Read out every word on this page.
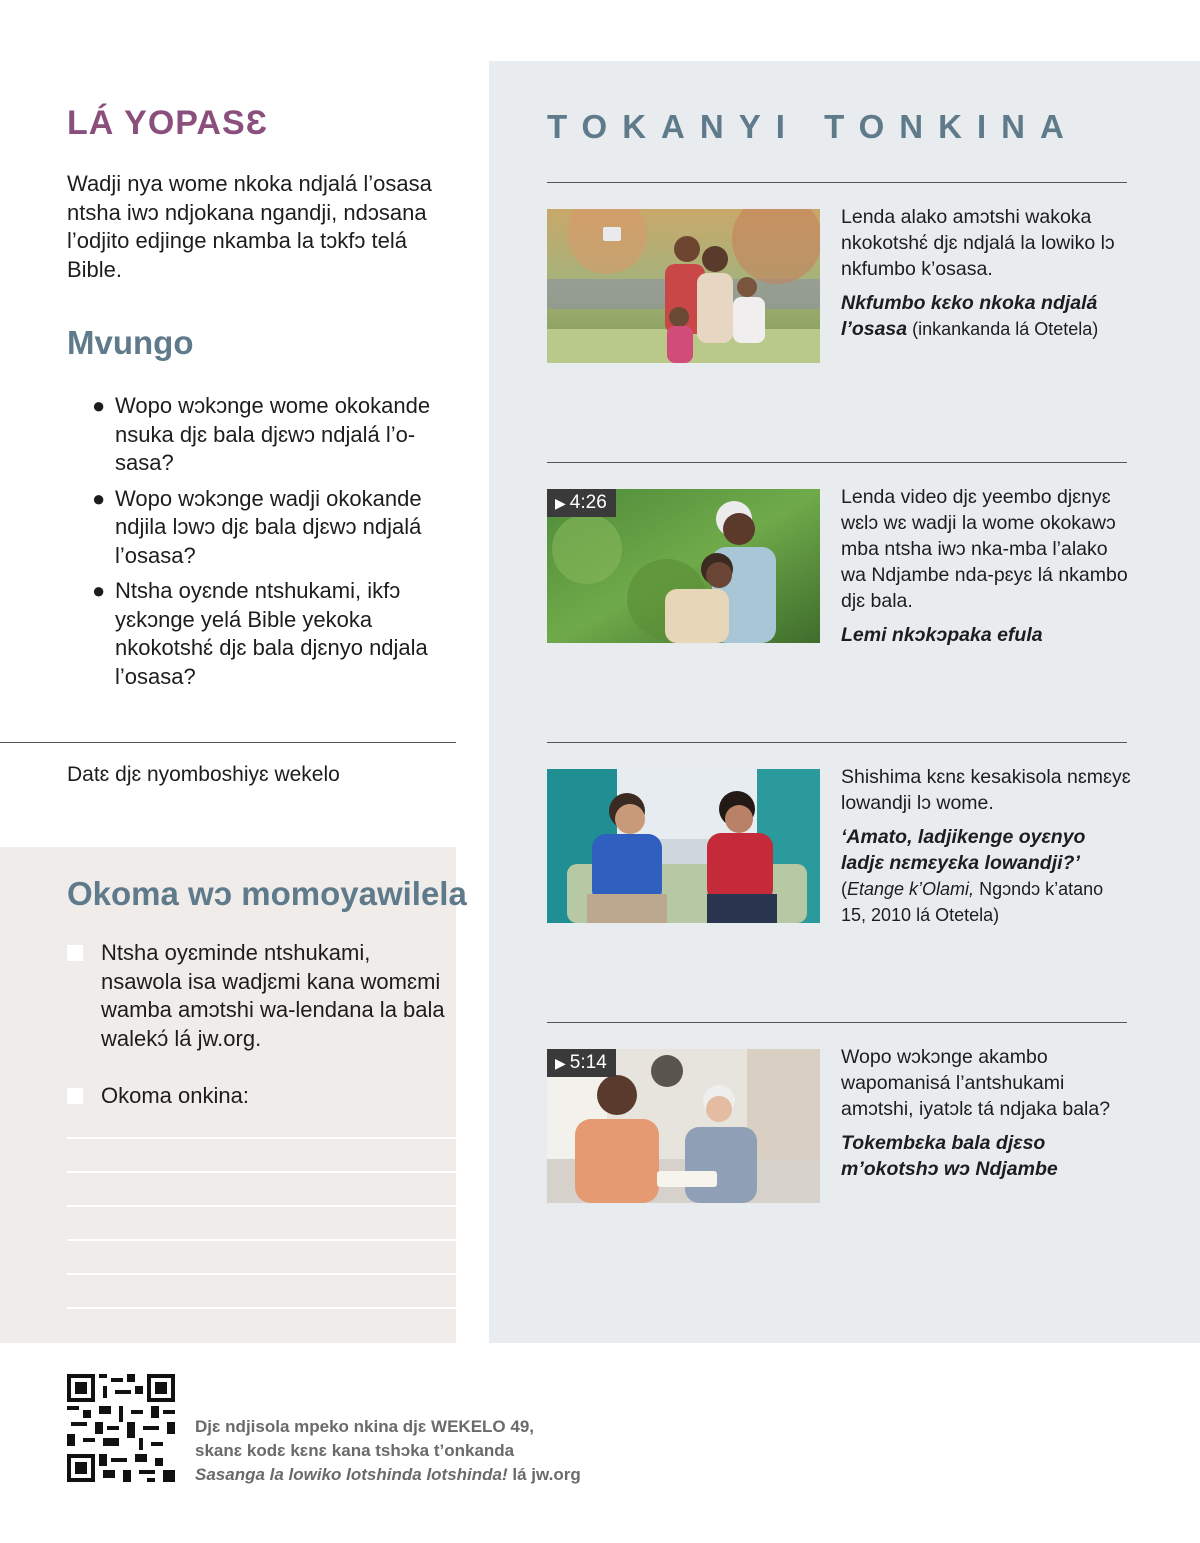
LÁ YOPASƐ

Wadji nya wome nkoka ndjalá l’osasa ntsha iwɔ ndjokana ngandji, ndɔsana l’odjito edjinge nkamba la tɔkfɔ telá Bible.

Mvungo
● Wopo wɔkɔnge wome okokande nsuka djɛ bala djɛwɔ ndjalá l’o-sasa?
● Wopo wɔkɔnge wadji okokande ndjila lɔwɔ djɛ bala djɛwɔ ndjalá l’osasa?
● Ntsha oyɛnde ntshukami, ikfɔ yɛkɔnge yelá Bible yekoka nkokotshɛ́ djɛ bala djɛnyo ndjala l’osasa?
Datɛ djɛ nyomboshiyɛ wekelo
Okoma wɔ momoyawilela
Ntsha oyɛminde ntshukami, nsawola isa wadjɛmi kana womɛmi wamba amɔtshi wa-lendana la bala walekɔ́ lá jw.org.
Okoma onkina:
TOKANYI TONKINA

Lenda alako amɔtshi wakoka nkokotshɛ́ djɛ ndjalá la lowiko lɔ nkfumbo k’osasa.

Nkfumbo kɛko nkoka ndjalá l’osasa (inkankanda lá Otetela)

▶ 4:26	Lenda video djɛ yeembo djɛnyɛ wɛlɔ wɛ wadji la wome okokawɔ mba ntsha iwɔ nka-mba l’alako wa Ndjambe nda-pɛyɛ lá nkambo djɛ bala.

Lemi nkɔkɔpaka efula

Shishima kɛnɛ kesakisola nɛmɛyɛ lowandji lɔ wome.

‘Amato, ladjikenge oyɛnyo ladjɛ nɛmɛyɛka lowandji?’
(Etange k’Olami, Ngɔndɔ k’atano 15, 2010 lá Otetela)

▶ 5:14	Wopo wɔkɔnge akambo wapomanisá l’antshukami amɔtshi, iyatɔlɛ tá ndjaka bala?

Tokembɛka bala djɛso m’okotshɔ wɔ Ndjambe

Djɛ ndjisola mpeko nkina djɛ WEKELO 49,
skanɛ kodɛ kɛnɛ kana tshɔka t’onkanda
Sasanga la lowiko lotshinda lotshinda! lá jw.org
